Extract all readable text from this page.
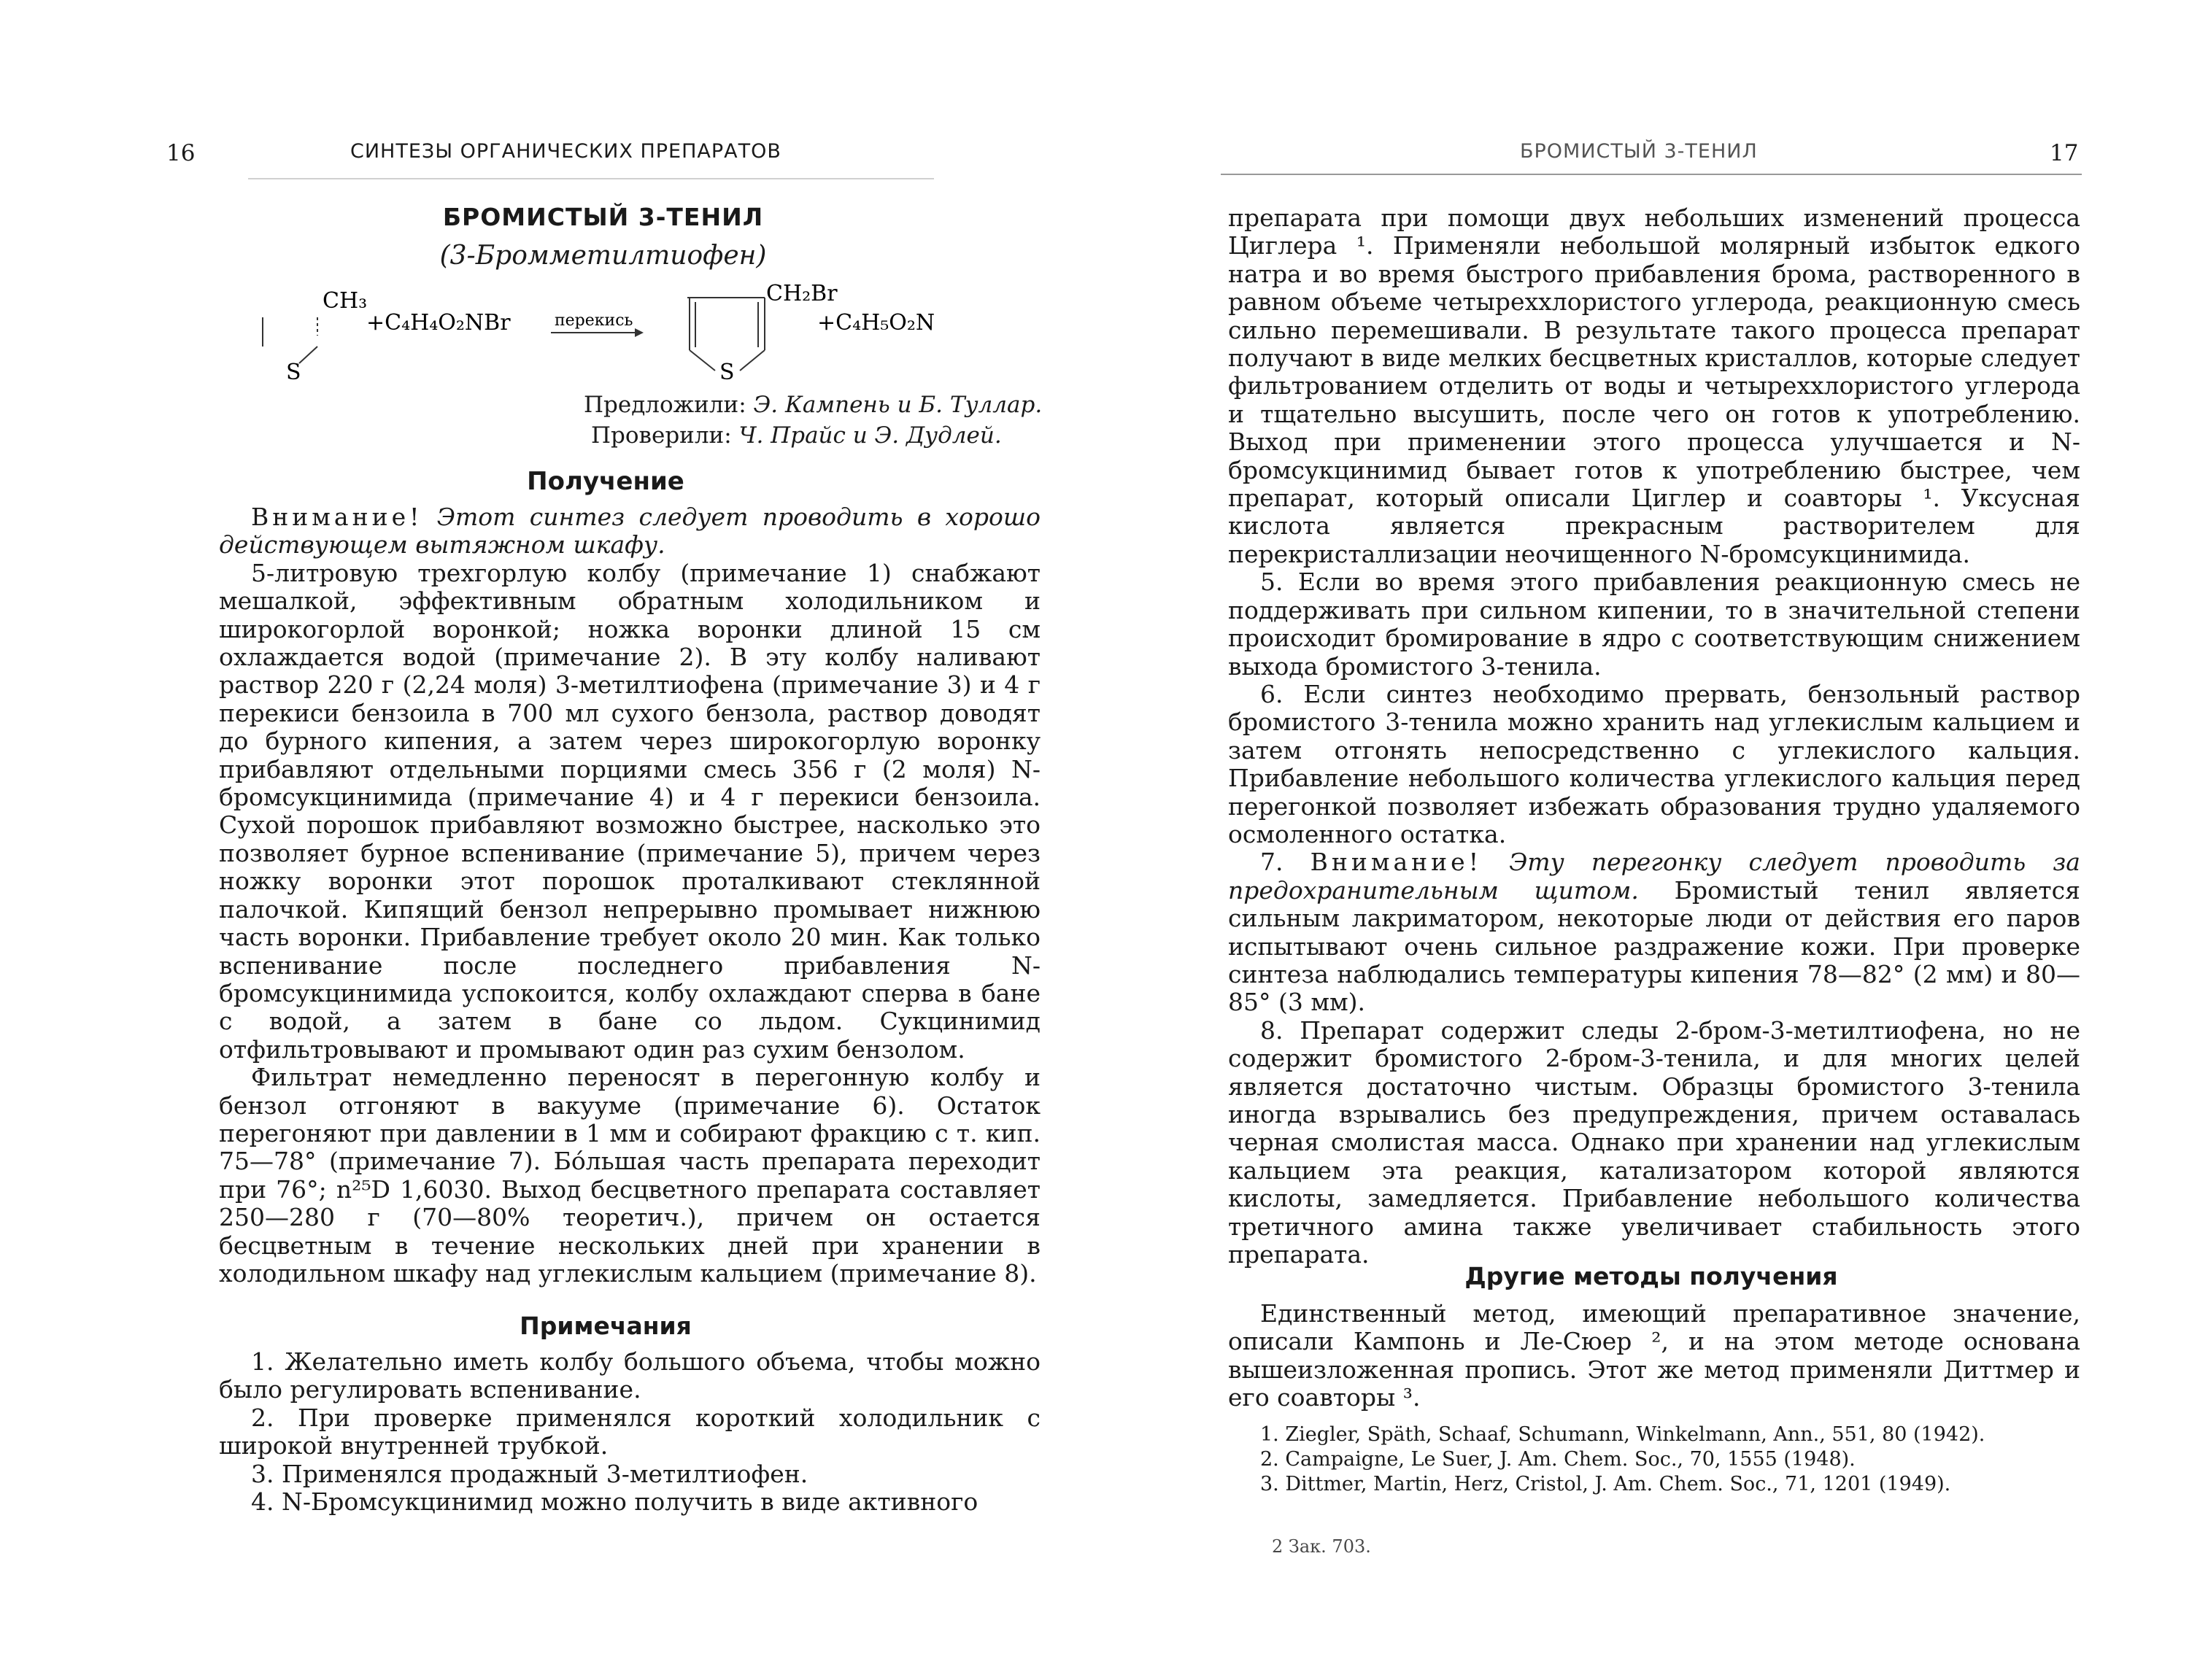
16	СИНТЕЗЫ ОРГАНИЧЕСКИХ ПРЕПАРАТОВ
БРОМИСТЫЙ 3-ТЕНИЛ
(3-Бромметилтиофен)
CH₃
S
+C₄H₄O₂NBr	перекись
CH₂Br
S
+C₄H₅O₂N
Предложили: Э. Кампень и Б. Туллар.
Проверили: Ч. Прайс и Э. Дудлей.
Получение

Внимание! Этот синтез следует проводить в хорошо действующем вытяжном шкафу.

5-литровую трехгорлую колбу (примечание 1) снабжают мешалкой, эффективным обратным холодильником и широкогорлой воронкой; ножка воронки длиной 15 см охлаждается водой (примечание 2). В эту колбу наливают раствор 220 г (2,24 моля) 3-метилтиофена (примечание 3) и 4 г перекиси бензоила в 700 мл сухого бензола, раствор доводят до бурного кипения, а затем через широкогорлую воронку прибавляют отдельными порциями смесь 356 г (2 моля) N-бромсукцинимида (примечание 4) и 4 г перекиси бензоила. Сухой порошок прибавляют возможно быстрее, насколько это позволяет бурное вспенивание (примечание 5), причем через ножку воронки этот порошок проталкивают стеклянной палочкой. Кипящий бензол непрерывно промывает нижнюю часть воронки. Прибавление требует около 20 мин. Как только вспенивание после последнего прибавления N-бромсукцинимида успокоится, колбу охлаждают сперва в бане с водой, а затем в бане со льдом. Сукцинимид отфильтровывают и промывают один раз сухим бензолом.

Фильтрат немедленно переносят в перегонную колбу и бензол отгоняют в вакууме (примечание 6). Остаток перегоняют при давлении в 1 мм и собирают фракцию с т. кип. 75—78° (примечание 7). Бо́льшая часть препарата переходит при 76°; n²⁵D 1,6030. Выход бесцветного препарата составляет 250—280 г (70—80% теоретич.), причем он остается бесцветным в течение нескольких дней при хранении в холодильном шкафу над углекислым кальцием (примечание 8).

Примечания

1. Желательно иметь колбу большого объема, чтобы можно было регулировать вспенивание.

2. При проверке применялся короткий холодильник с широкой внутренней трубкой.

3. Применялся продажный 3-метилтиофен.

4. N-Бромсукцинимид можно получить в виде активного

БРОМИСТЫЙ 3-ТЕНИЛ	17

препарата при помощи двух небольших изменений процесса Циглера ¹. Применяли небольшой молярный избыток едкого натра и во время быстрого прибавления брома, растворенного в равном объеме четыреххлористого углерода, реакционную смесь сильно перемешивали. В результате такого процесса препарат получают в виде мелких бесцветных кристаллов, которые следует фильтрованием отделить от воды и четыреххлористого углерода и тщательно высушить, после чего он готов к употреблению. Выход при применении этого процесса улучшается и N-бромсукцинимид бывает готов к употреблению быстрее, чем препарат, который описали Циглер и соавторы ¹. Уксусная кислота является прекрасным растворителем для перекристаллизации неочищенного N-бромсукцинимида.

5. Если во время этого прибавления реакционную смесь не поддерживать при сильном кипении, то в значительной степени происходит бромирование в ядро с соответствующим снижением выхода бромистого 3-тенила.

6. Если синтез необходимо прервать, бензольный раствор бромистого 3-тенила можно хранить над углекислым кальцием и затем отгонять непосредственно с углекислого кальция. Прибавление небольшого количества углекислого кальция перед перегонкой позволяет избежать образования трудно удаляемого осмоленного остатка.

7. Внимание! Эту перегонку следует проводить за предохранительным щитом. Бромистый тенил является сильным лакриматором, некоторые люди от действия его паров испытывают очень сильное раздражение кожи. При проверке синтеза наблюдались температуры кипения 78—82° (2 мм) и 80—85° (3 мм).

8. Препарат содержит следы 2-бром-3-метилтиофена, но не содержит бромистого 2-бром-3-тенила, и для многих целей является достаточно чистым. Образцы бромистого 3-тенила иногда взрывались без предупреждения, причем оставалась черная смолистая масса. Однако при хранении над углекислым кальцием эта реакция, катализатором которой являются кислоты, замедляется. Прибавление небольшого количества третичного амина также увеличивает стабильность этого препарата.

Другие методы получения

Единственный метод, имеющий препаративное значение, описали Кампонь и Ле-Сюер ², и на этом методе основана вышеизложенная пропись. Этот же метод применяли Диттмер и его соавторы ³.

1. Ziegler, Späth, Schaaf, Schumann, Winkelmann, Ann., 551, 80 (1942).

2. Campaigne, Le Suer, J. Am. Chem. Soc., 70, 1555 (1948).

3. Dittmer, Martin, Herz, Cristol, J. Am. Chem. Soc., 71, 1201 (1949).

2 Зак. 703.
